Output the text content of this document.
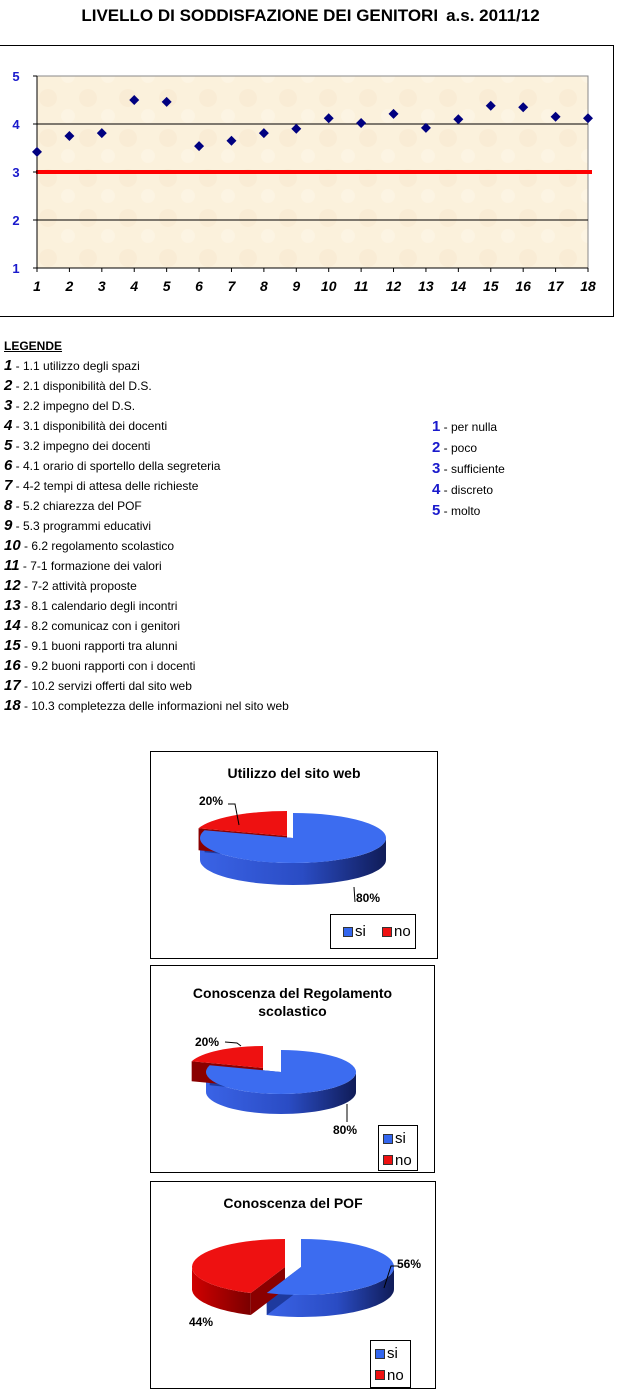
LIVELLO DI SODDISFAZIONE DEI GENITORI a.s. 2011/12
1
2
3
4
5
1 2 3 4 5 6 7 8 9 10 11 12 13 14 15 16 17 18
LEGENDE
1 - 1.1 utilizzo degli spazi
2 - 2.1 disponibilità del D.S.
3 - 2.2 impegno del D.S.
4 - 3.1 disponibilità dei docenti
5 - 3.2 impegno dei docenti
6 - 4.1 orario di sportello della segreteria
7 - 4-2 tempi di attesa delle richieste
8 - 5.2 chiarezza del POF
9 - 5.3 programmi educativi
10 - 6.2 regolamento scolastico
11 - 7-1 formazione dei valori
12 - 7-2 attività proposte
13 - 8.1 calendario degli incontri
14 - 8.2 comunicaz con i genitori
15 - 9.1 buoni rapporti tra alunni
16 - 9.2 buoni rapporti con i docenti
17 - 10.2 servizi offerti dal sito web
18 - 10.3 completezza delle informazioni nel sito web
1 - per nulla
2 - poco
3 - sufficiente
4 - discreto
5 - molto
Utilizzo del sito web
20%
80%
si
no
Conoscenza del Regolamento
scolastico
20%
80%	si

no
Conoscenza del POF
56%
44%
si

no
